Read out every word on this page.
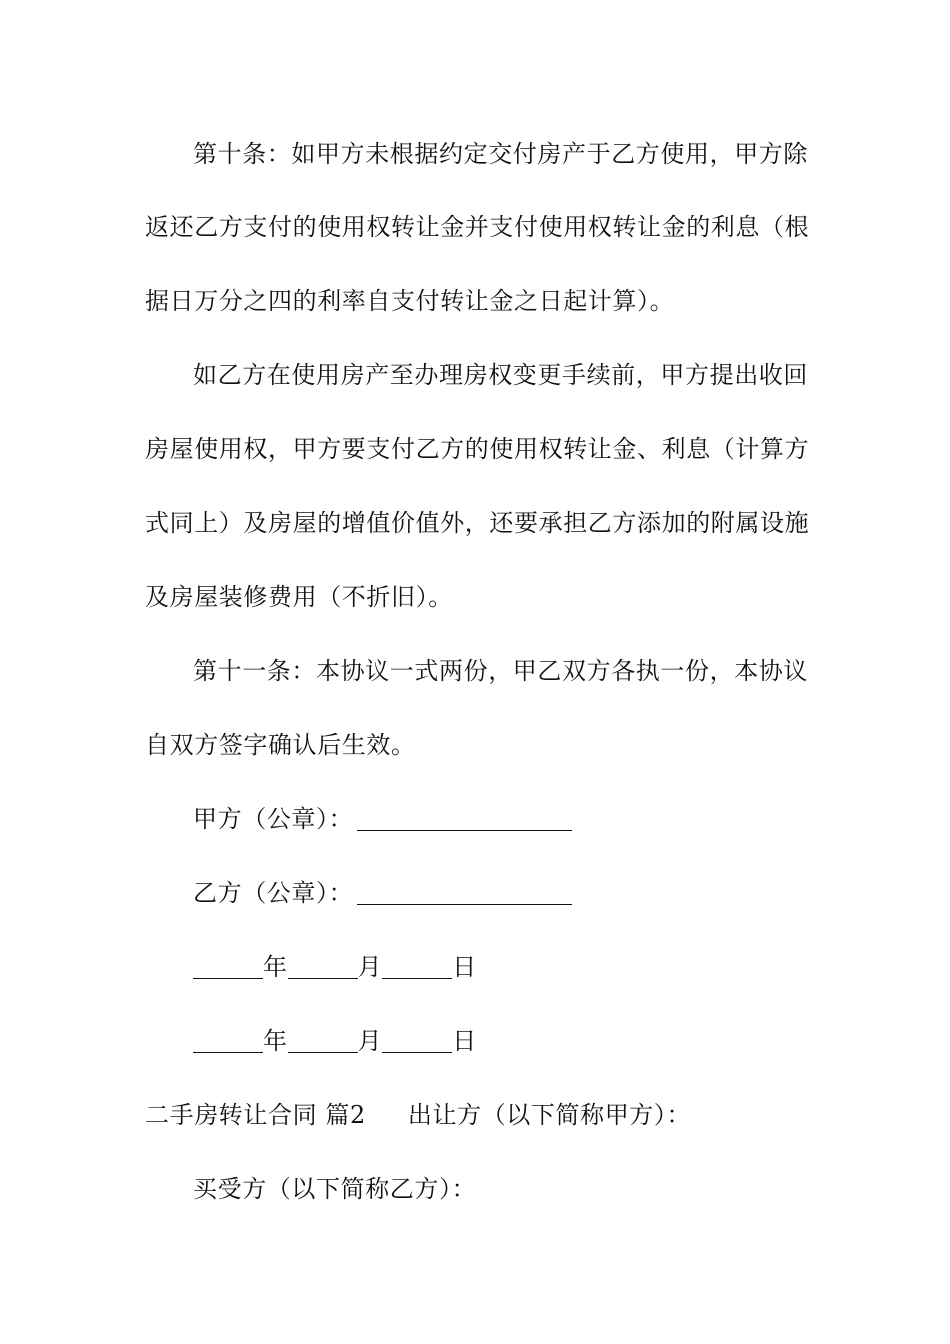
第十条：如甲方未根据约定交付房产于乙方使用，甲方除
返还乙方支付的使用权转让金并支付使用权转让金的利息（根
据日万分之四的利率自支付转让金之日起计算）。
如乙方在使用房产至办理房权变更手续前，甲方提出收回
房屋使用权，甲方要支付乙方的使用权转让金、利息（计算方
式同上）及房屋的增值价值外，还要承担乙方添加的附属设施
及房屋装修费用（不折旧）。
第十一条：本协议一式两份，甲乙双方各执一份，本协议
自双方签字确认后生效。
甲方（公章）：
乙方（公章）：
年	月	日
年	月	日
二手房转让合同 篇2 出让方（以下简称甲方）：
买受方（以下简称乙方）：
